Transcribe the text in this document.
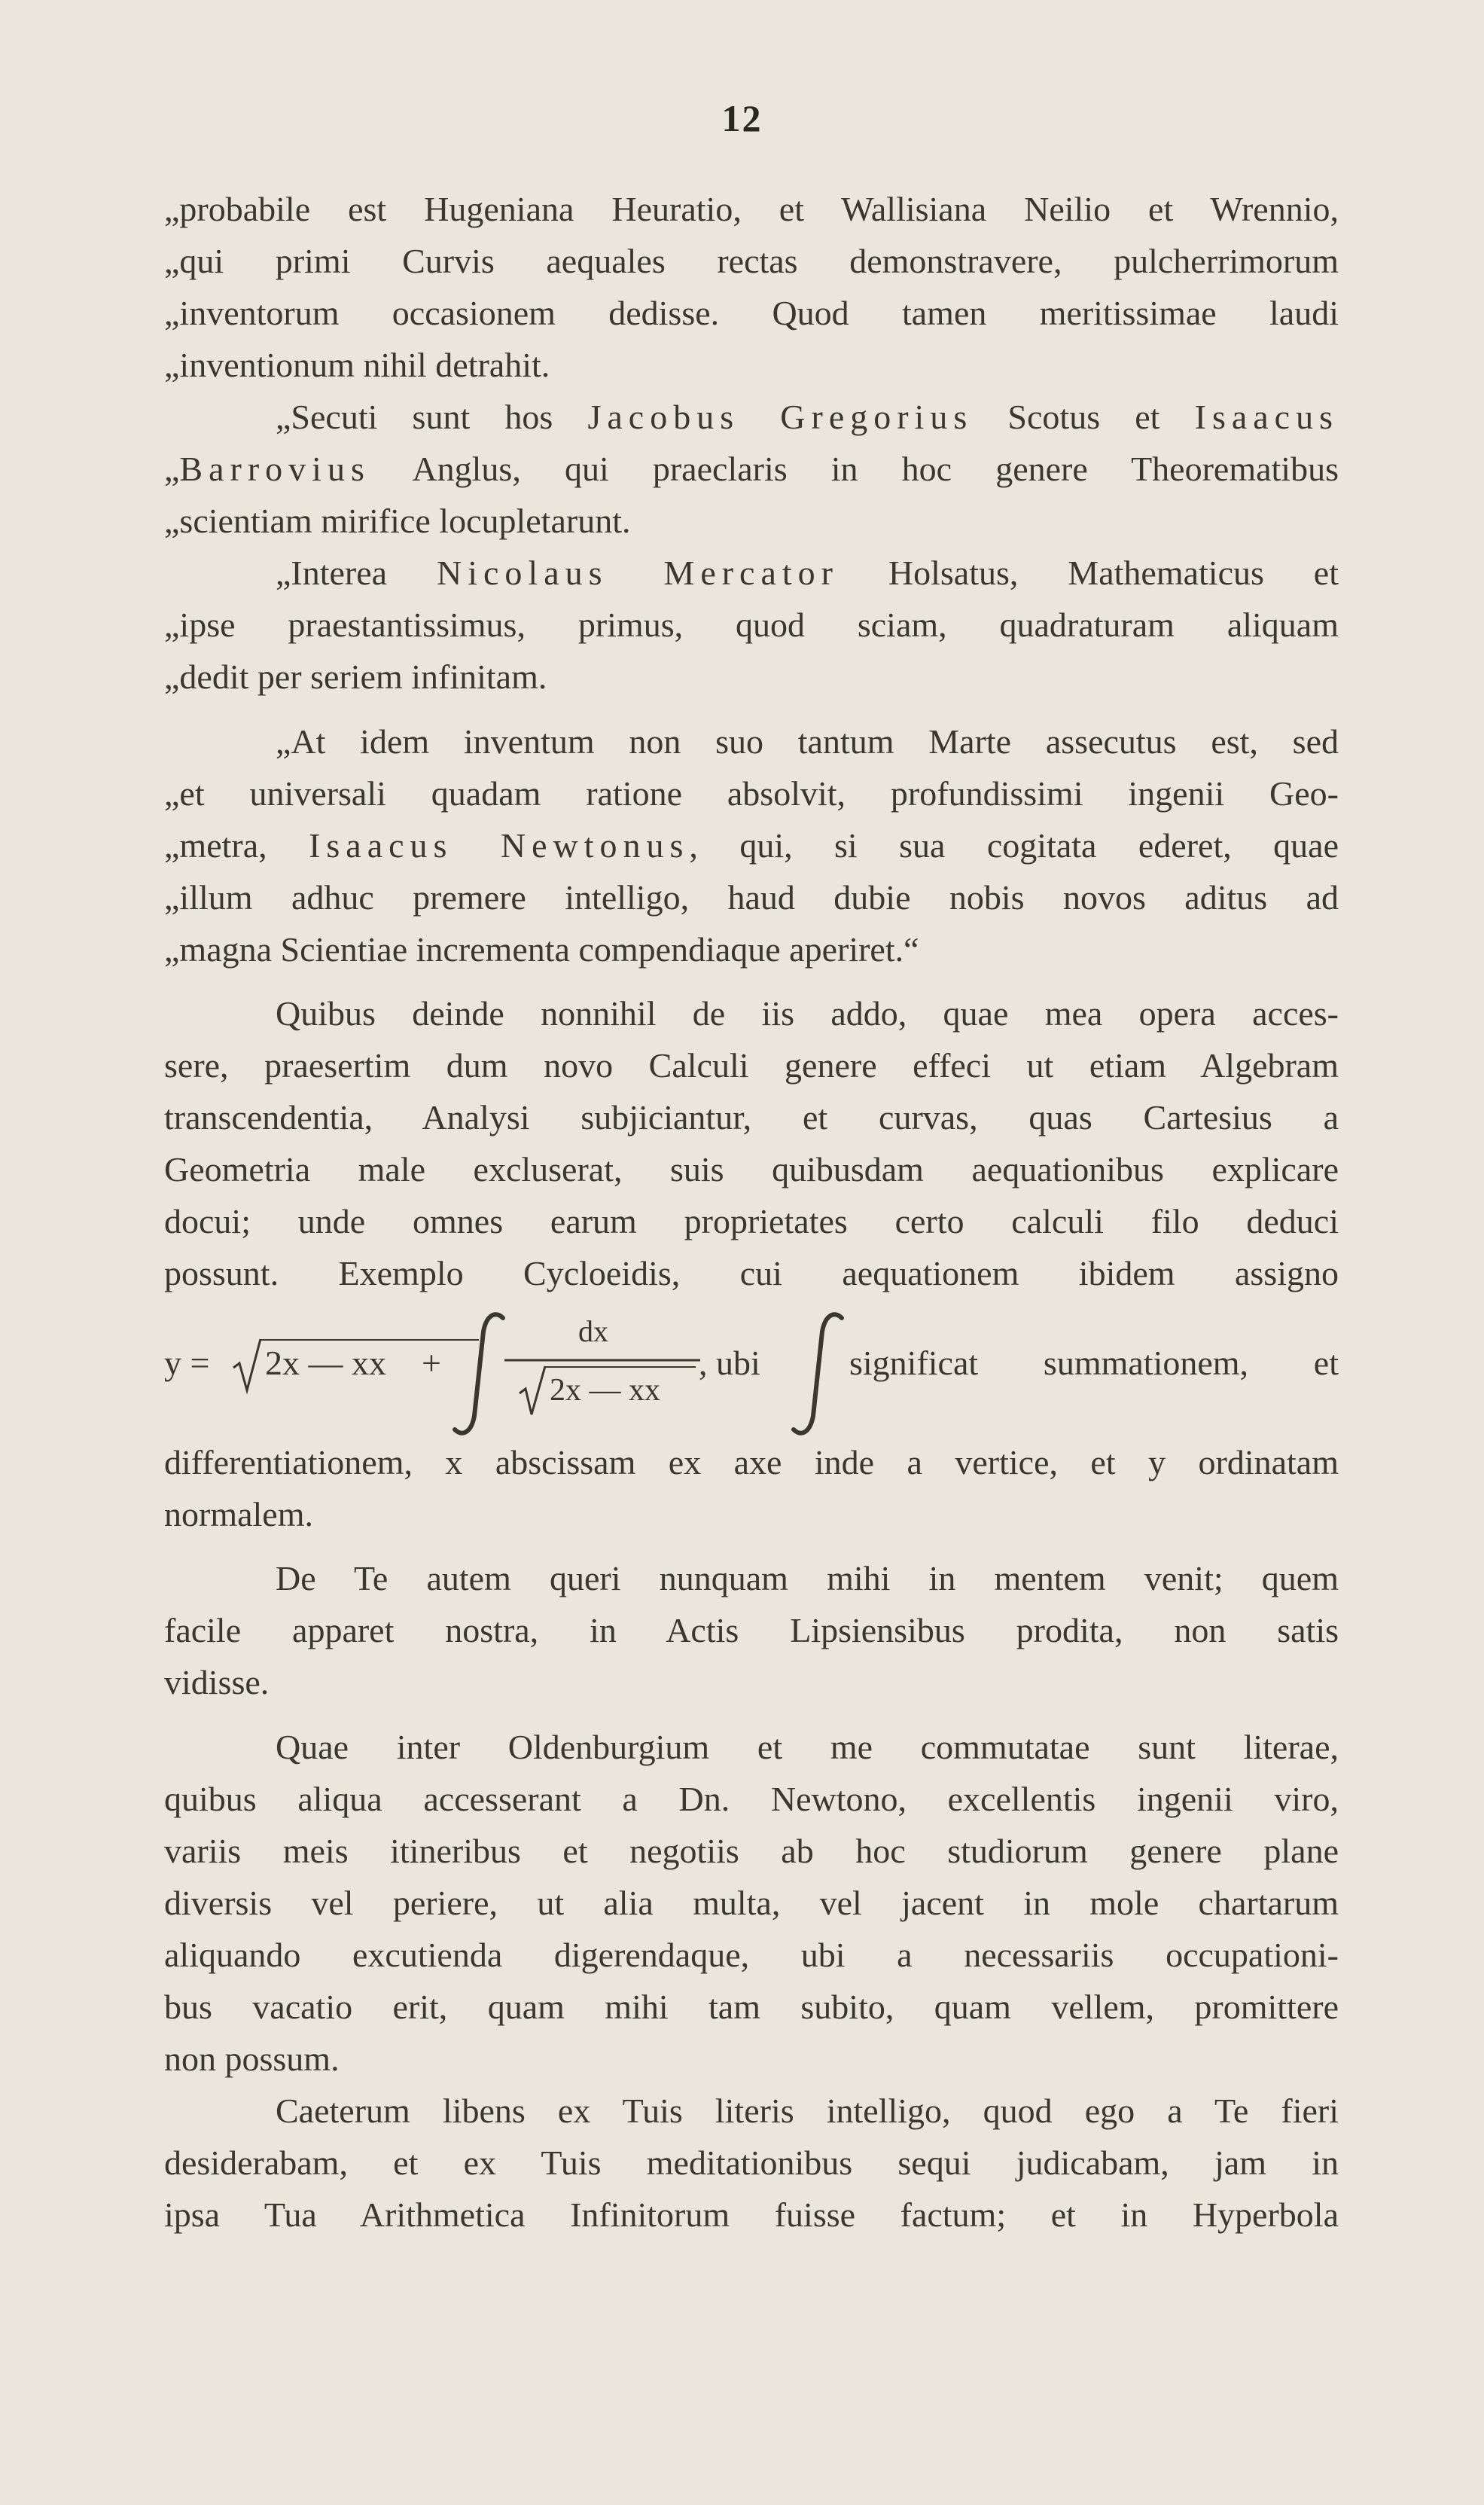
12
„probabile est Hugeniana Heuratio, et Wallisiana Neilio et Wrennio,
„qui primi Curvis aequales rectas demonstravere, pulcherrimorum
„inventorum occasionem dedisse. Quod tamen meritissimae laudi
„inventionum nihil detrahit.
„Secuti sunt hos Jacobus Gregorius Scotus et Isaacus
„Barrovius Anglus, qui praeclaris in hoc genere Theorematibus
„scientiam mirifice locupletarunt.
„Interea Nicolaus Mercator Holsatus, Mathematicus et
„ipse praestantissimus, primus, quod sciam, quadraturam aliquam
„dedit per seriem infinitam.
„At idem inventum non suo tantum Marte assecutus est, sed
„et universali quadam ratione absolvit, profundissimi ingenii Geo-
„metra, Isaacus Newtonus, qui, si sua cogitata ederet, quae
„illum adhuc premere intelligo, haud dubie nobis novos aditus ad
„magna Scientiae incrementa compendiaque aperiret.“
Quibus deinde nonnihil de iis addo, quae mea opera acces-
sere, praesertim dum novo Calculi genere effeci ut etiam Algebram
transcendentia, Analysi subjiciantur, et curvas, quas Cartesius a
Geometria male excluserat, suis quibusdam aequationibus explicare
docui; unde omnes earum proprietates certo calculi filo deduci
possunt. Exemplo Cycloeidis, cui aequationem ibidem assigno
y = 2x — xx +
dx
2x — xx
, ubi	significat summationem, et
differentiationem, x abscissam ex axe inde a vertice, et y ordinatam
normalem.
De Te autem queri nunquam mihi in mentem venit; quem
facile apparet nostra, in Actis Lipsiensibus prodita, non satis
vidisse.
Quae inter Oldenburgium et me commutatae sunt literae,
quibus aliqua accesserant a Dn. Newtono, excellentis ingenii viro,
variis meis itineribus et negotiis ab hoc studiorum genere plane
diversis vel periere, ut alia multa, vel jacent in mole chartarum
aliquando excutienda digerendaque, ubi a necessariis occupationi-
bus vacatio erit, quam mihi tam subito, quam vellem, promittere
non possum.
Caeterum libens ex Tuis literis intelligo, quod ego a Te fieri
desiderabam, et ex Tuis meditationibus sequi judicabam, jam in
ipsa Tua Arithmetica Infinitorum fuisse factum; et in Hyperbola
